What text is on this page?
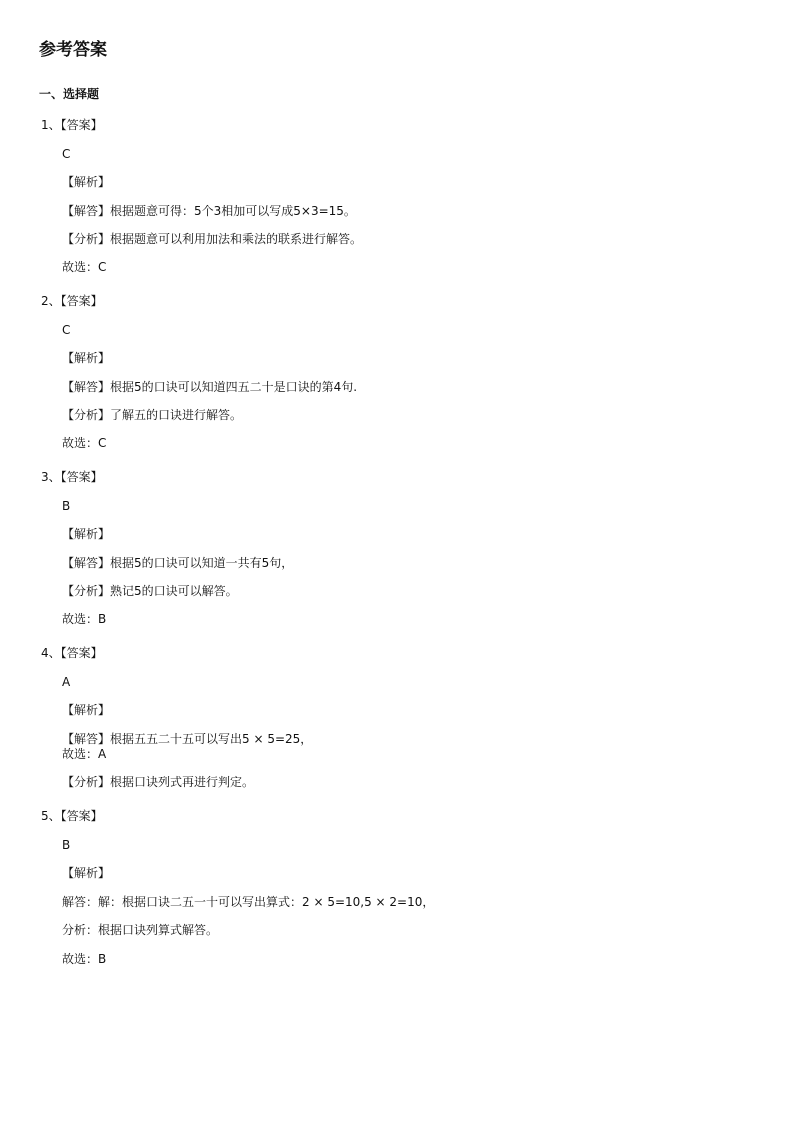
参考答案
一、选择题
1、【答案】
C
【解析】
【解答】根据题意可得：5个3相加可以写成5×3=15。
【分析】根据题意可以利用加法和乘法的联系进行解答。
故选：C
2、【答案】
C
【解析】
【解答】根据5的口诀可以知道四五二十是口诀的第4句.
【分析】了解五的口诀进行解答。
故选：C
3、【答案】
B
【解析】
【解答】根据5的口诀可以知道一共有5句，
【分析】熟记5的口诀可以解答。
故选：B
4、【答案】
A
【解析】
【解答】根据五五二十五可以写出5 × 5=25，
故选：A
【分析】根据口诀列式再进行判定。
5、【答案】
B
【解析】
解答：解：根据口诀二五一十可以写出算式：2 × 5=10,5 × 2=10，
分析：根据口诀列算式解答。
故选：B
